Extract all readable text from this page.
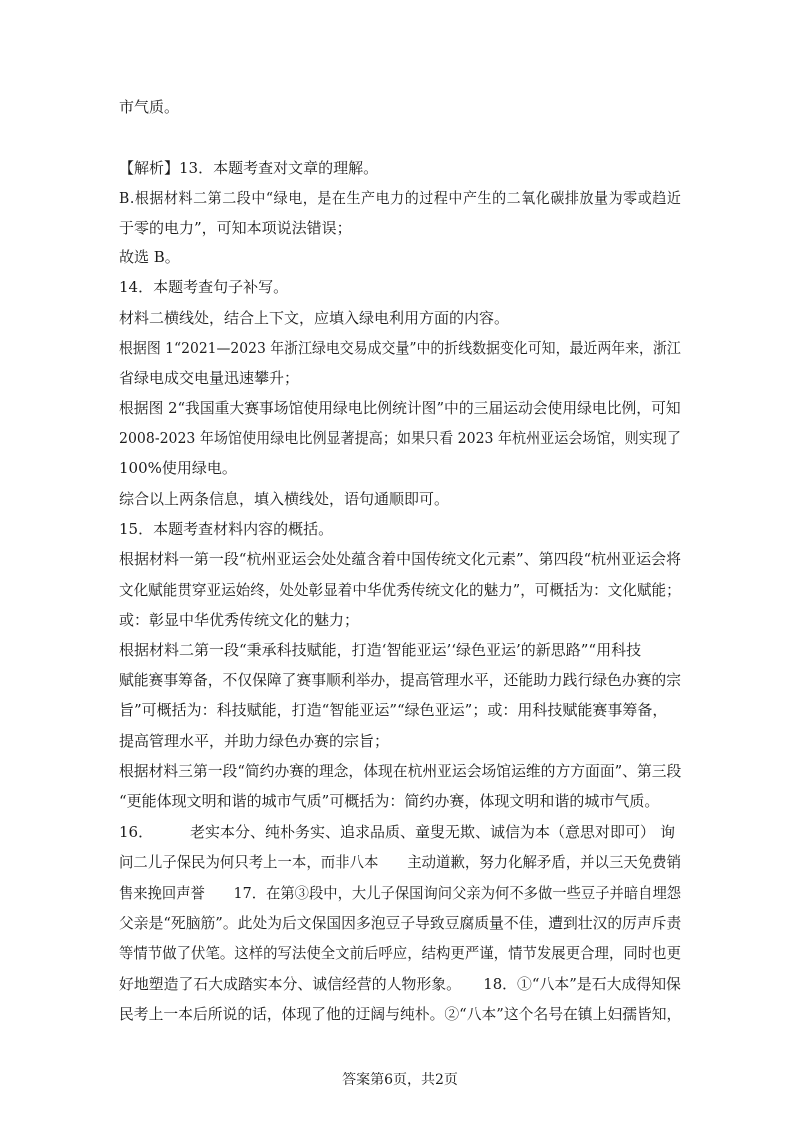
市气质。
【解析】13．本题考查对文章的理解。
B.根据材料二第二段中“绿电，是在生产电力的过程中产生的二氧化碳排放量为零或趋近
于零的电力”，可知本项说法错误；
故选 B。
14．本题考查句子补写。
材料二横线处，结合上下文，应填入绿电利用方面的内容。
根据图 1“2021—2023 年浙江绿电交易成交量”中的折线数据变化可知，最近两年来，浙江
省绿电成交电量迅速攀升；
根据图 2“我国重大赛事场馆使用绿电比例统计图”中的三届运动会使用绿电比例，可知
2008-2023 年场馆使用绿电比例显著提高；如果只看 2023 年杭州亚运会场馆，则实现了
100%使用绿电。
综合以上两条信息，填入横线处，语句通顺即可。
15．本题考查材料内容的概括。
根据材料一第一段“杭州亚运会处处蕴含着中国传统文化元素”、第四段“杭州亚运会将
文化赋能贯穿亚运始终，处处彰显着中华优秀传统文化的魅力”，可概括为：文化赋能；
或：彰显中华优秀传统文化的魅力；
根据材料二第一段“秉承科技赋能，打造‘智能亚运’‘绿色亚运’的新思路”“用科技
赋能赛事筹备，不仅保障了赛事顺利举办，提高管理水平，还能助力践行绿色办赛的宗
旨”可概括为：科技赋能，打造“智能亚运”“绿色亚运”；或：用科技赋能赛事筹备，
提高管理水平，并助力绿色办赛的宗旨；
根据材料三第一段“简约办赛的理念，体现在杭州亚运会场馆运维的方方面面”、第三段
“更能体现文明和谐的城市气质”可概括为：简约办赛，体现文明和谐的城市气质。
16． 老实本分、纯朴务实、追求品质、童叟无欺、诚信为本（意思对即可） 询
问二儿子保民为何只考上一本，而非八本　　主动道歉，努力化解矛盾，并以三天免费销
售来挽回声誉　　17．在第③段中，大儿子保国询问父亲为何不多做一些豆子并暗自埋怨
父亲是“死脑筋”。此处为后文保国因多泡豆子导致豆腐质量不佳，遭到壮汉的厉声斥责
等情节做了伏笔。这样的写法使全文前后呼应，结构更严谨，情节发展更合理，同时也更
好地塑造了石大成踏实本分、诚信经营的人物形象。　　18．①“八本”是石大成得知保
民考上一本后所说的话，体现了他的迂阔与纯朴。②“八本”这个名号在镇上妇孺皆知，
答案第6页，共2页
